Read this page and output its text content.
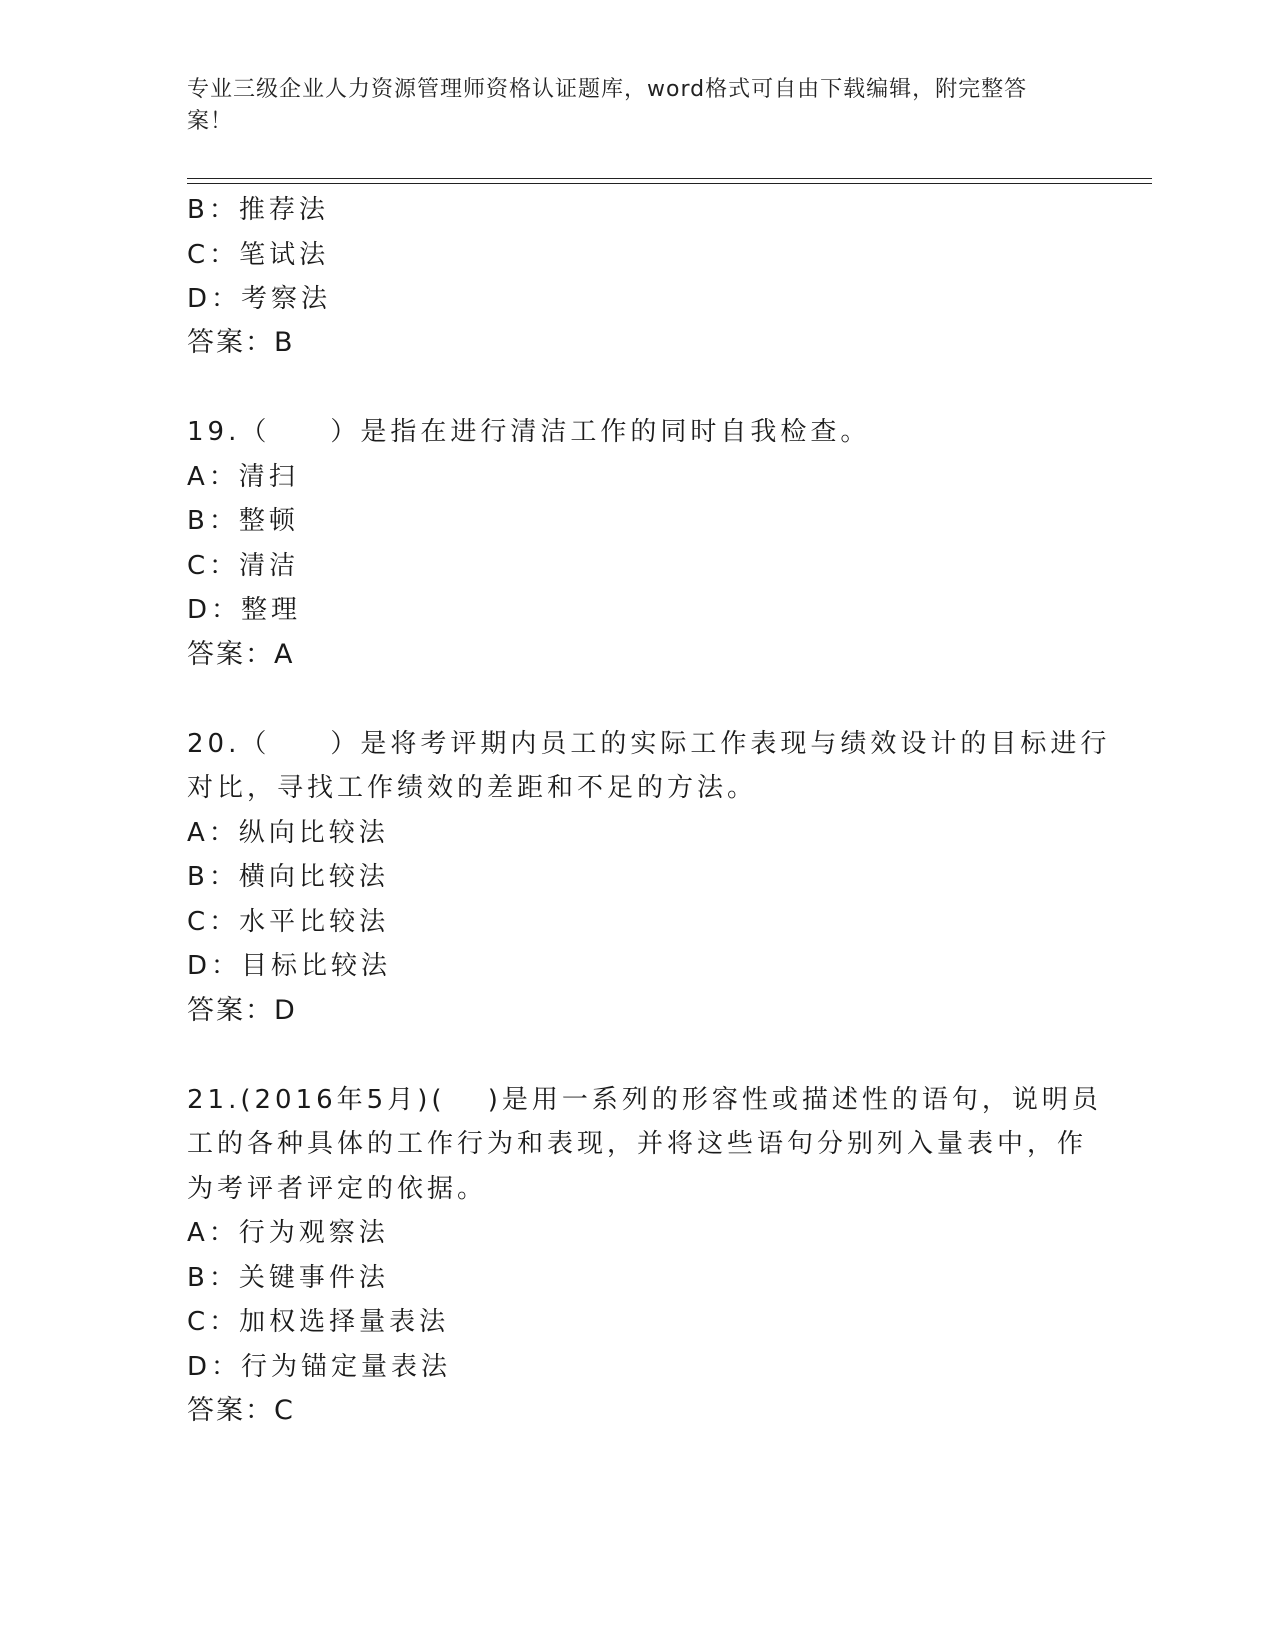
专业三级企业人力资源管理师资格认证题库，word格式可自由下载编辑，附完整答案！
B：推荐法
C：笔试法
D：考察法
答案：B
19.（　　）是指在进行清洁工作的同时自我检查。
A：清扫
B：整顿
C：清洁
D：整理
答案：A
20.（　　）是将考评期内员工的实际工作表现与绩效设计的目标进行
对比，寻找工作绩效的差距和不足的方法。
A：纵向比较法
B：横向比较法
C：水平比较法
D：目标比较法
答案：D
21.(2016年5月)(　 )是用一系列的形容性或描述性的语句，说明员
工的各种具体的工作行为和表现，并将这些语句分别列入量表中，作
为考评者评定的依据。
A：行为观察法
B：关键事件法
C：加权选择量表法
D：行为锚定量表法
答案：C
